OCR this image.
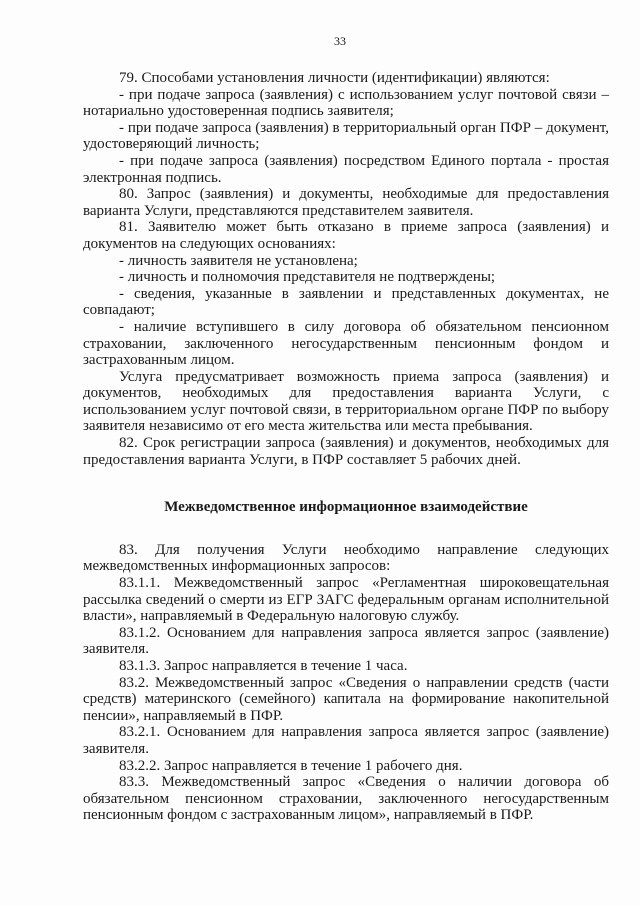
33

79. Способами установления личности (идентификации) являются:

- при подаче запроса (заявления) с использованием услуг почтовой связи – нотариально удостоверенная подпись заявителя;

- при подаче запроса (заявления) в территориальный орган ПФР – документ, удостоверяющий личность;

- при подаче запроса (заявления) посредством Единого портала - простая электронная подпись.

80. Запрос (заявления) и документы, необходимые для предоставления варианта Услуги, представляются представителем заявителя.

81. Заявителю может быть отказано в приеме запроса (заявления) и документов на следующих основаниях:

- личность заявителя не установлена;

- личность и полномочия представителя не подтверждены;

- сведения, указанные в заявлении и представленных документах, не совпадают;

- наличие вступившего в силу договора об обязательном пенсионном страховании, заключенного негосударственным пенсионным фондом и застрахованным лицом.

Услуга предусматривает возможность приема запроса (заявления) и документов, необходимых для предоставления варианта Услуги, с использованием услуг почтовой связи, в территориальном органе ПФР по выбору заявителя независимо от его места жительства или места пребывания.

82. Срок регистрации запроса (заявления) и документов, необходимых для предоставления варианта Услуги, в ПФР составляет 5 рабочих дней.

Межведомственное информационное взаимодействие

83. Для получения Услуги необходимо направление следующих межведомственных информационных запросов:

83.1.1. Межведомственный запрос «Регламентная широковещательная рассылка сведений о смерти из ЕГР ЗАГС федеральным органам исполнительной власти», направляемый в Федеральную налоговую службу.

83.1.2. Основанием для направления запроса является запрос (заявление) заявителя.

83.1.3. Запрос направляется в течение 1 часа.

83.2. Межведомственный запрос «Сведения о направлении средств (части средств) материнского (семейного) капитала на формирование накопительной пенсии», направляемый в ПФР.

83.2.1. Основанием для направления запроса является запрос (заявление) заявителя.

83.2.2. Запрос направляется в течение 1 рабочего дня.

83.3. Межведомственный запрос «Сведения о наличии договора об обязательном пенсионном страховании, заключенного негосударственным пенсионным фондом с застрахованным лицом», направляемый в ПФР.
